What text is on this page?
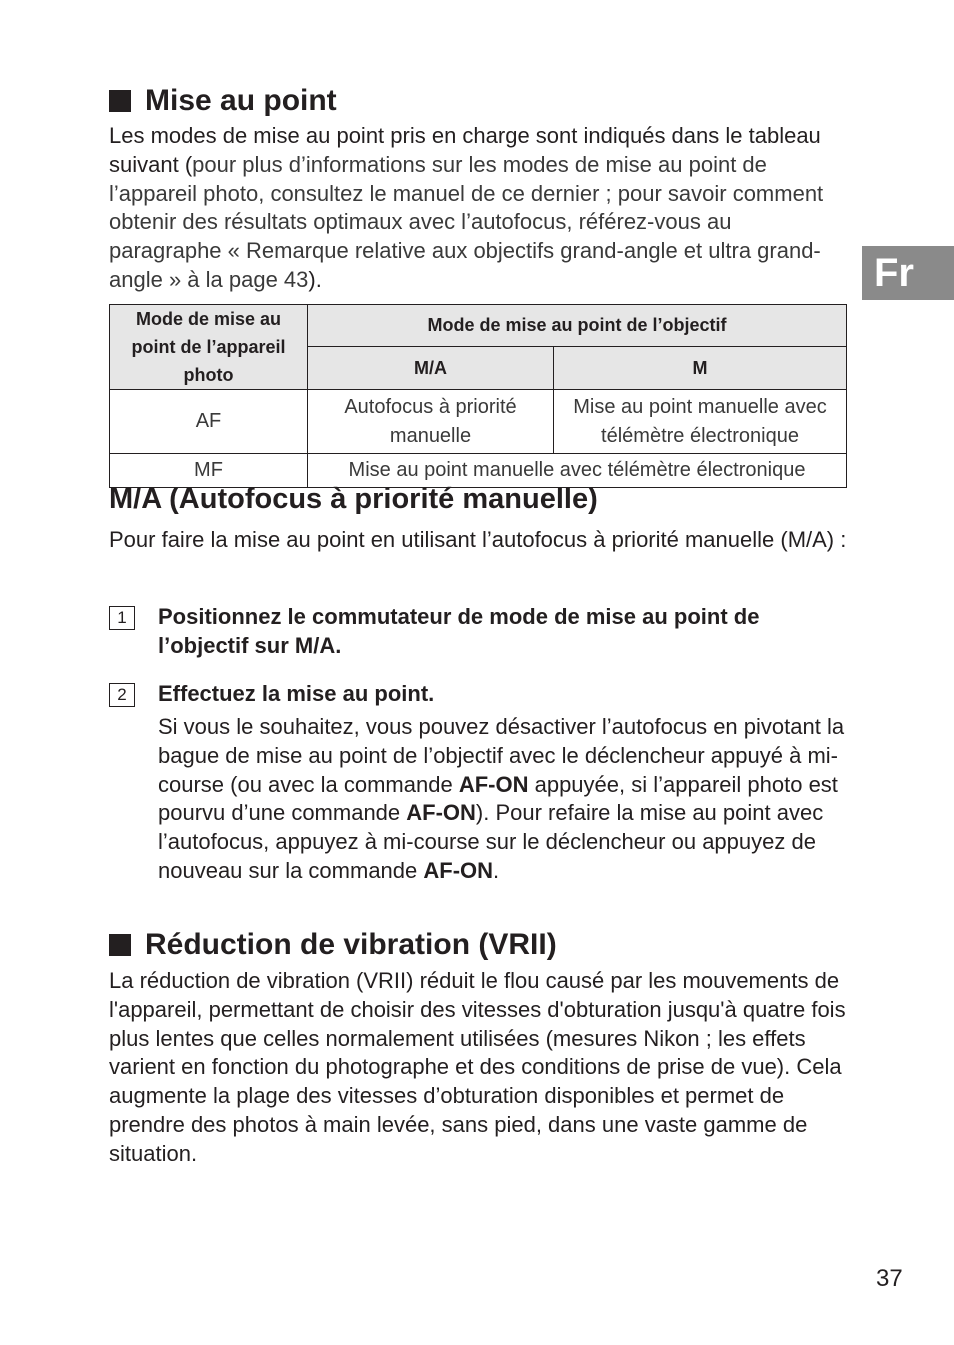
Fr
Mise au point

Les modes de mise au point pris en charge sont indiqués dans le tableau suivant (pour plus d’informations sur les modes de mise au point de l’appareil photo, consultez le manuel de ce dernier ; pour savoir comment obtenir des résultats optimaux avec l’autofocus, référez-vous au paragraphe « Remarque relative aux objectifs grand-angle et ultra grand-angle » à la page 43).

Mode de mise au point de l’appareil photo	Mode de mise au point de l’objectif	
	M/A	M
AF	Autofocus à priorité manuelle	Mise au point manuelle avec télémètre électronique
MF	Mise au point manuelle avec télémètre électronique	
M/A (Autofocus à priorité manuelle)

Pour faire la mise au point en utilisant l’autofocus à priorité manuelle (M/A) :

1	Positionnez le commutateur de mode de mise au point de l’objectif sur M/A.
2	Effectuez la mise au point.

Si vous le souhaitez, vous pouvez désactiver l’autofocus en pivotant la bague de mise au point de l’objectif avec le déclencheur appuyé à mi-course (ou avec la commande AF-ON appuyée, si l’appareil photo est pourvu d’une commande AF-ON). Pour refaire la mise au point avec l’autofocus, appuyez à mi-course sur le déclencheur ou appuyez de nouveau sur la commande AF-ON.

Réduction de vibration (VRII)

La réduction de vibration (VRII) réduit le flou causé par les mouvements de l'appareil, permettant de choisir des vitesses d'obturation jusqu'à quatre fois plus lentes que celles normalement utilisées (mesures Nikon ; les effets varient en fonction du photographe et des conditions de prise de vue). Cela augmente la plage des vitesses d’obturation disponibles et permet de prendre des photos à main levée, sans pied, dans une vaste gamme de situation.

37
